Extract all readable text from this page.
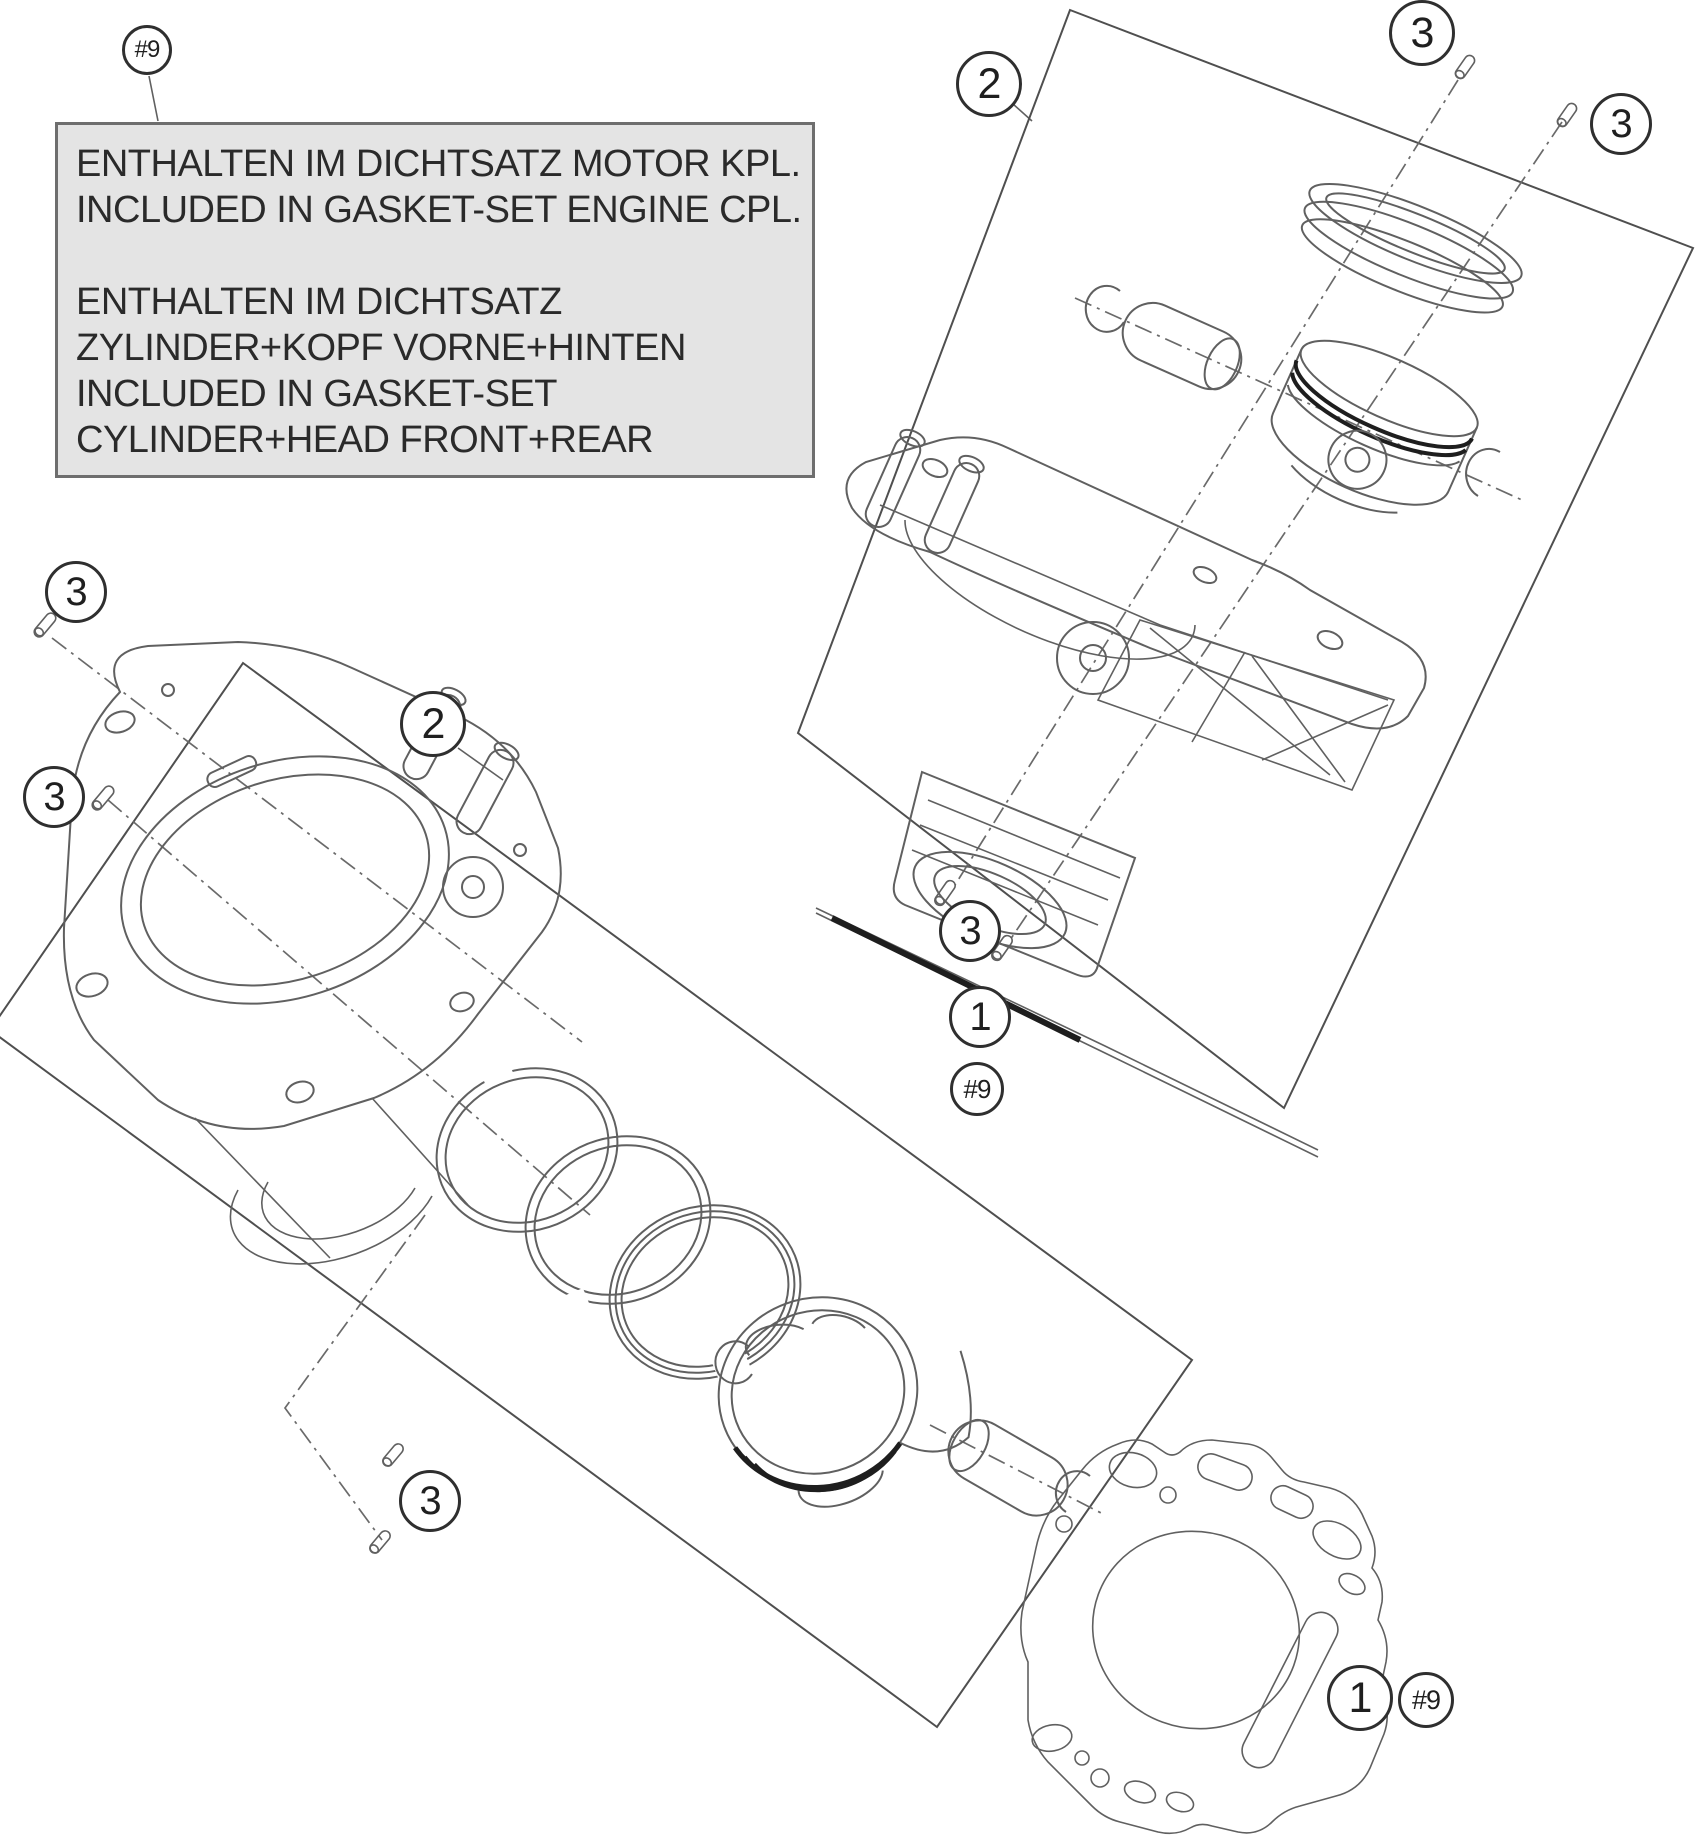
ENTHALTEN IM DICHTSATZ MOTOR KPL.
INCLUDED IN GASKET-SET ENGINE CPL.
ENTHALTEN IM DICHTSATZ
ZYLINDER+KOPF VORNE+HINTEN
INCLUDED IN GASKET-SET
CYLINDER+HEAD FRONT+REAR
#9
2
3
3
3
1
#9
3
3
2
3
1	#9
